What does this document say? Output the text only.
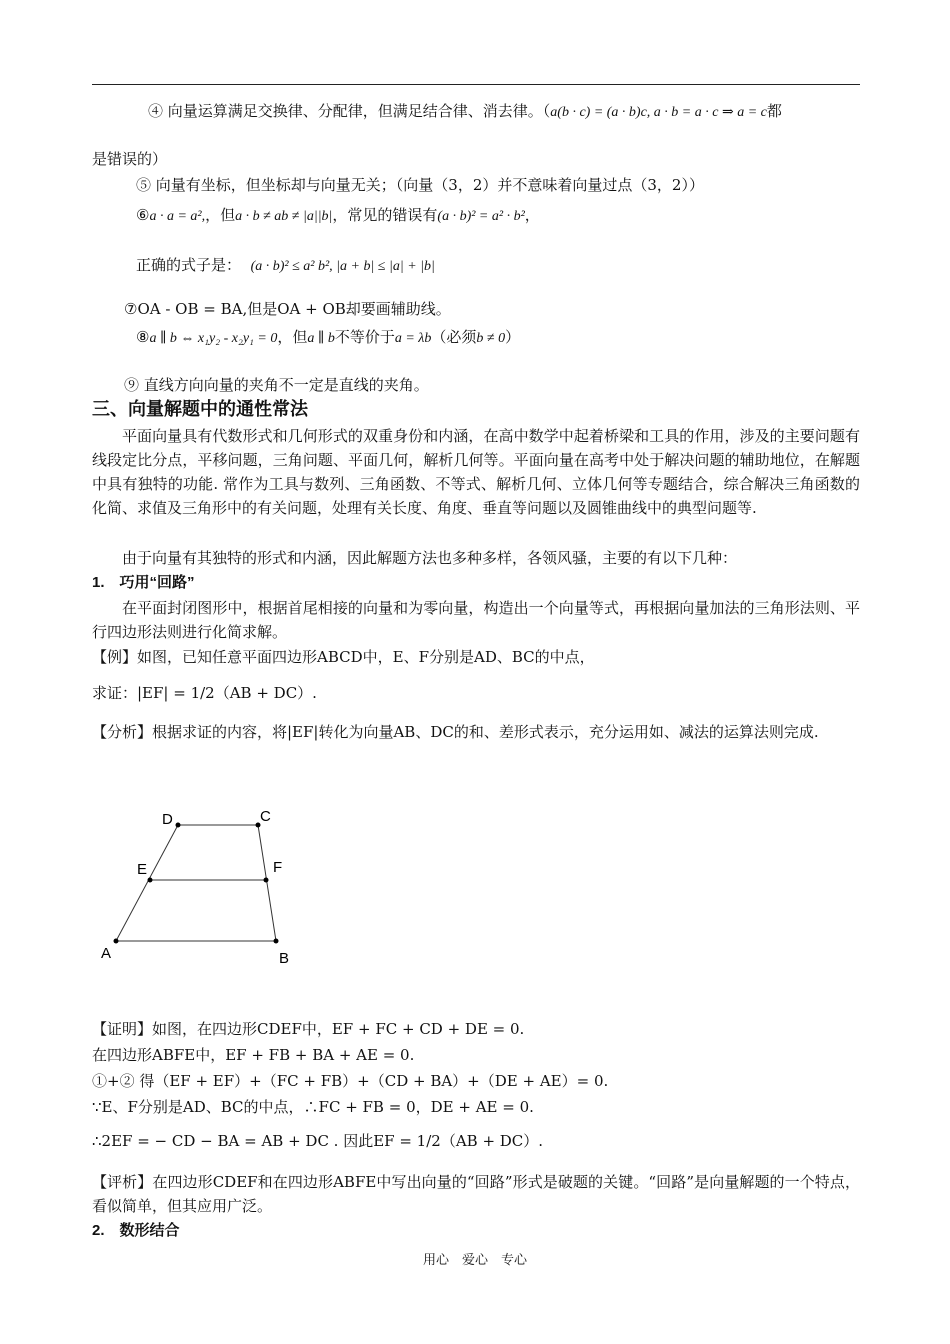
④ 向量运算满足交换律、分配律，但满足结合律、消去律。（a(b · c) = (a · b)c, a · b = a · c ⇒ a = c都
是错误的）
⑤ 向量有坐标，但坐标却与向量无关；（向量（3，2）并不意味着向量过点（3，2））
⑥a · a = a²,，但a · b ≠ ab ≠ |a||b|，常见的错误有(a · b)² = a² · b²，
正确的式子是： (a · b)² ≤ a² b², |a + b| ≤ |a| + |b|
⑦OA - OB = BA,但是OA + OB却要画辅助线。
⑧a ∥ b ⇔ x₁y₂ - x₂y₁ = 0，但a ∥ b不等价于a = λb（必须b ≠ 0）
⑨ 直线方向向量的夹角不一定是直线的夹角。
三、向量解题中的通性常法
平面向量具有代数形式和几何形式的双重身份和内涵，在高中数学中起着桥梁和工具的作用，涉及的主要问题有线段定比分点，平移问题，三角问题、平面几何，解析几何等。平面向量在高考中处于解决问题的辅助地位，在解题中具有独特的功能. 常作为工具与数列、三角函数、不等式、解析几何、立体几何等专题结合，综合解决三角函数的化简、求值及三角形中的有关问题，处理有关长度、角度、垂直等问题以及圆锥曲线中的典型问题等.
由于向量有其独特的形式和内涵，因此解题方法也多种多样，各领风骚，主要的有以下几种：
1.　巧用“回路”
在平面封闭图形中，根据首尾相接的向量和为零向量，构造出一个向量等式，再根据向量加法的三角形法则、平行四边形法则进行化简求解。
【例】如图，已知任意平面四边形ABCD中，E、F分别是AD、BC的中点，
求证：|EF| = 1/2（AB + DC）.
【分析】根据求证的内容，将|EF|转化为向量AB、DC的和、差形式表示，充分运用如、减法的运算法则完成.
D	C
E	F
A	B
【证明】如图，在四边形CDEF中，EF + FC + CD + DE = 0.
在四边形ABFE中，EF + FB + BA + AE = 0.
①+② 得（EF + EF）+（FC + FB）+（CD + BA）+（DE + AE）= 0.
∵E、F分别是AD、BC的中点，∴FC + FB = 0，DE + AE = 0.
∴2EF = − CD − BA = AB + DC . 因此EF = 1/2（AB + DC）.
【评析】在四边形CDEF和在四边形ABFE中写出向量的“回路”形式是破题的关键。“回路”是向量解题的一个特点，看似简单，但其应用广泛。
2.　数形结合
用心　爱心　专心
